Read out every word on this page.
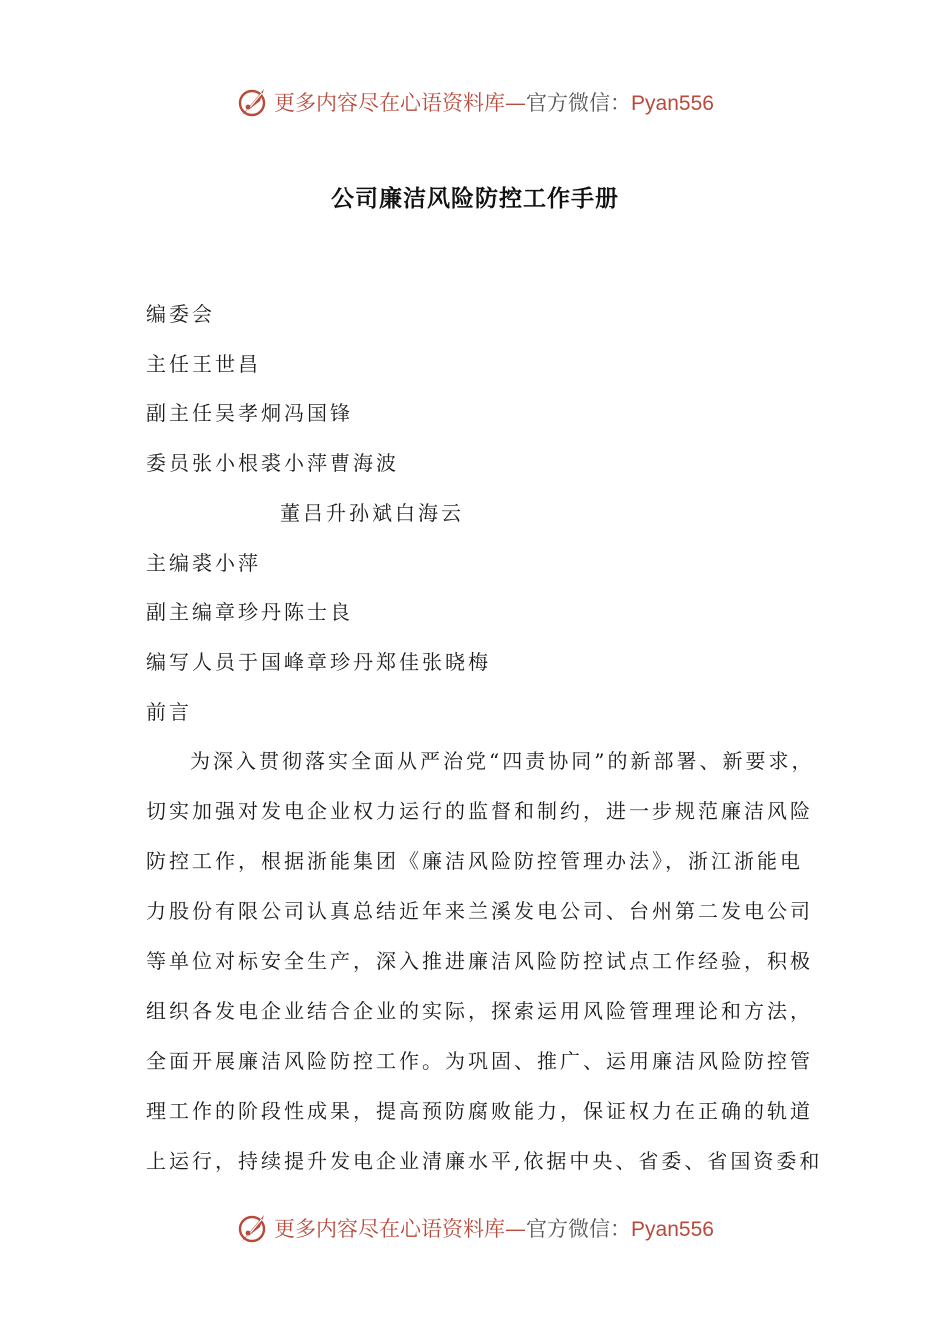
更多内容尽在心语资料库—官方微信：Pyan556
公司廉洁风险防控工作手册
编委会
主任王世昌
副主任吴孝炯冯国锋
委员张小根裘小萍曹海波
董吕升孙斌白海云
主编裘小萍
副主编章珍丹陈士良
编写人员于国峰章珍丹郑佳张晓梅
前言
为深入贯彻落实全面从严治党“四责协同”的新部署、新要求，
切实加强对发电企业权力运行的监督和制约，进一步规范廉洁风险
防控工作，根据浙能集团《廉洁风险防控管理办法》，浙江浙能电
力股份有限公司认真总结近年来兰溪发电公司、台州第二发电公司
等单位对标安全生产，深入推进廉洁风险防控试点工作经验，积极
组织各发电企业结合企业的实际，探索运用风险管理理论和方法，
全面开展廉洁风险防控工作。为巩固、推广、运用廉洁风险防控管
理工作的阶段性成果，提高预防腐败能力，保证权力在正确的轨道
上运行，持续提升发电企业清廉水平,依据中央、省委、省国资委和
更多内容尽在心语资料库—官方微信：Pyan556
